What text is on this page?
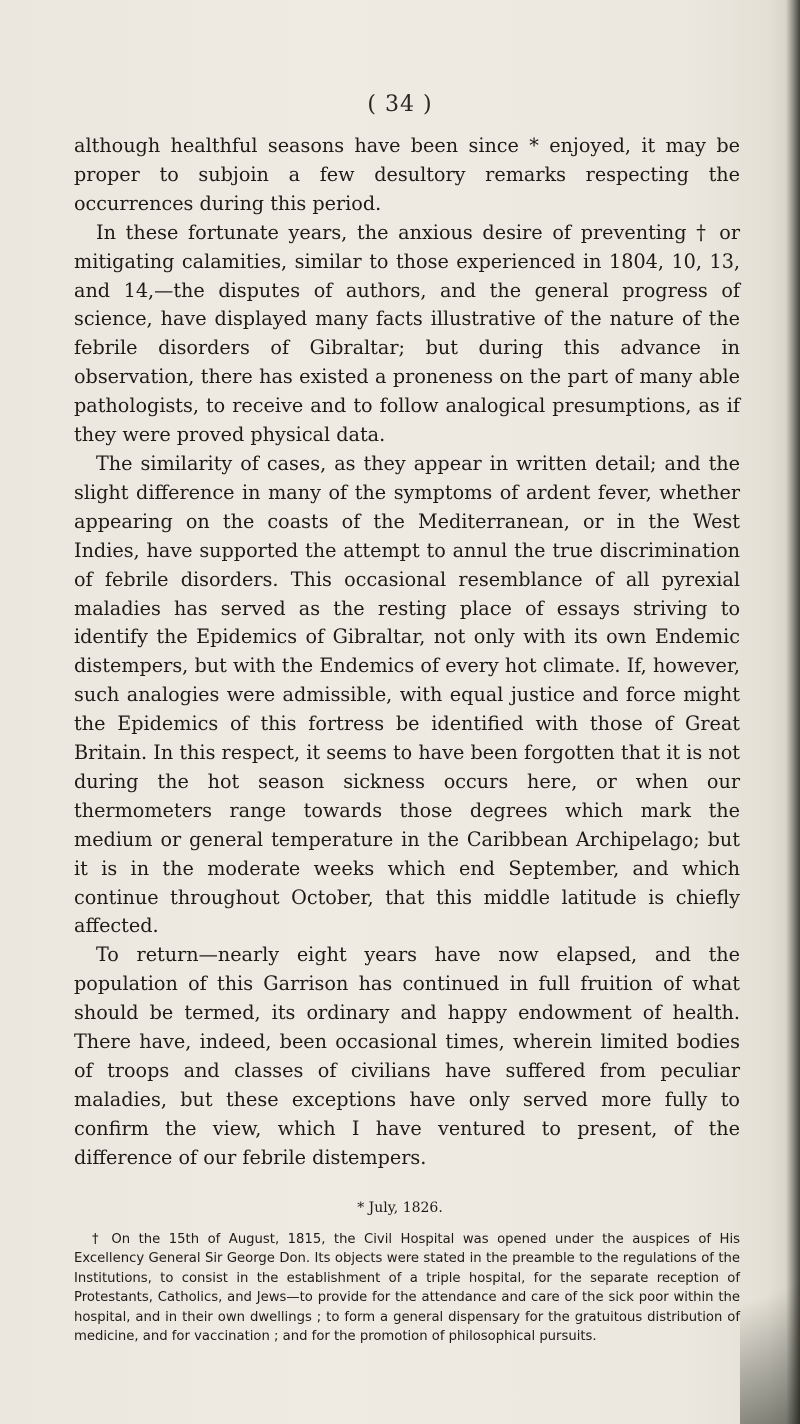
( 34 )

although healthful seasons have been since * enjoyed, it may be proper to subjoin a few desultory remarks respecting the occurrences during this period.

In these fortunate years, the anxious desire of preventing † or mitigating calamities, similar to those experienced in 1804, 10, 13, and 14,—the disputes of authors, and the general progress of science, have displayed many facts illustrative of the nature of the febrile disorders of Gibraltar; but during this advance in observation, there has existed a proneness on the part of many able pathologists, to receive and to follow analogical presumptions, as if they were proved physical data.

The similarity of cases, as they appear in written detail; and the slight difference in many of the symptoms of ardent fever, whether appearing on the coasts of the Mediterranean, or in the West Indies, have supported the attempt to annul the true discrimination of febrile disorders. This occasional resemblance of all pyrexial maladies has served as the resting place of essays striving to identify the Epidemics of Gibraltar, not only with its own Endemic distempers, but with the Endemics of every hot climate. If, however, such analogies were admissible, with equal justice and force might the Epidemics of this fortress be identified with those of Great Britain. In this respect, it seems to have been forgotten that it is not during the hot season sickness occurs here, or when our thermometers range towards those degrees which mark the medium or general temperature in the Caribbean Archipelago; but it is in the moderate weeks which end September, and which continue throughout October, that this middle latitude is chiefly affected.

To return—nearly eight years have now elapsed, and the population of this Garrison has continued in full fruition of what should be termed, its ordinary and happy endowment of health. There have, indeed, been occasional times, wherein limited bodies of troops and classes of civilians have suffered from peculiar maladies, but these exceptions have only served more fully to confirm the view, which I have ventured to present, of the difference of our febrile distempers.

* July, 1826.
† On the 15th of August, 1815, the Civil Hospital was opened under the auspices of His Excellency General Sir George Don. Its objects were stated in the preamble to the regulations of the Institutions, to consist in the establishment of a triple hospital, for the separate reception of Protestants, Catholics, and Jews—to provide for the attendance and care of the sick poor within the hospital, and in their own dwellings ; to form a general dispensary for the gratuitous distribution of medicine, and for vaccination ; and for the promotion of philosophical pursuits.
